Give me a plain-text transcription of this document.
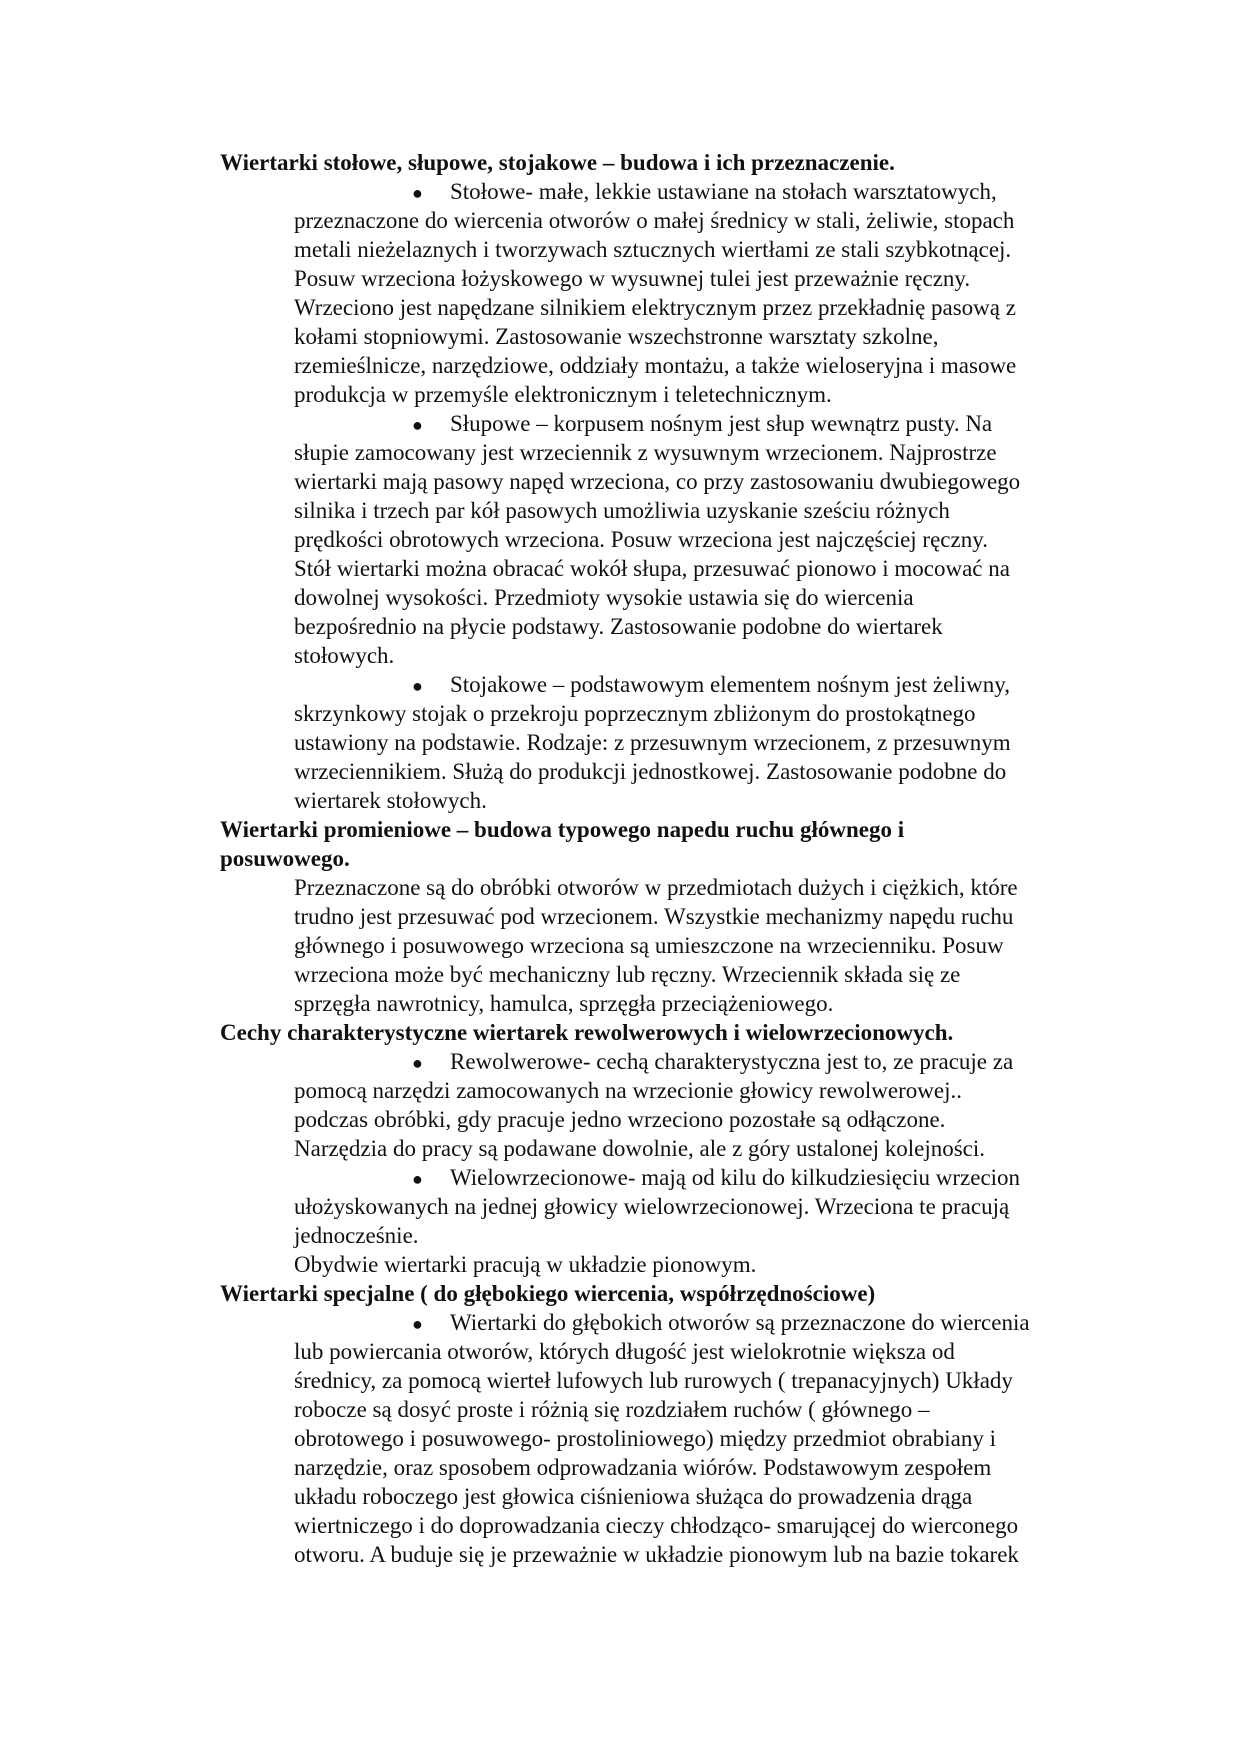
Wiertarki stołowe, słupowe, stojakowe – budowa i ich przeznaczenie.
● Stołowe- małe, lekkie ustawiane na stołach warsztatowych,
przeznaczone do wiercenia otworów o małej średnicy w stali, żeliwie, stopach
metali nieżelaznych i tworzywach sztucznych wiertłami ze stali szybkotnącej.
Posuw wrzeciona łożyskowego w wysuwnej tulei jest przeważnie ręczny.
Wrzeciono jest napędzane silnikiem elektrycznym przez przekładnię pasową z
kołami stopniowymi. Zastosowanie wszechstronne warsztaty szkolne,
rzemieślnicze, narzędziowe, oddziały montażu, a także wieloseryjna i masowe
produkcja w przemyśle elektronicznym i teletechnicznym.
● Słupowe – korpusem nośnym jest słup wewnątrz pusty. Na
słupie zamocowany jest wrzeciennik z wysuwnym wrzecionem. Najprostrze
wiertarki mają pasowy napęd wrzeciona, co przy zastosowaniu dwubiegowego
silnika i trzech par kół pasowych umożliwia uzyskanie sześciu różnych
prędkości obrotowych wrzeciona. Posuw wrzeciona jest najczęściej ręczny.
Stół wiertarki można obracać wokół słupa, przesuwać pionowo i mocować na
dowolnej wysokości. Przedmioty wysokie ustawia się do wiercenia
bezpośrednio na płycie podstawy. Zastosowanie podobne do wiertarek
stołowych.
● Stojakowe – podstawowym elementem nośnym jest żeliwny,
skrzynkowy stojak o przekroju poprzecznym zbliżonym do prostokątnego
ustawiony na podstawie. Rodzaje: z przesuwnym wrzecionem, z przesuwnym
wrzeciennikiem. Służą do produkcji jednostkowej. Zastosowanie podobne do
wiertarek stołowych.
Wiertarki promieniowe – budowa typowego napedu ruchu głównego i
posuwowego.
Przeznaczone są do obróbki otworów w przedmiotach dużych i ciężkich, które
trudno jest przesuwać pod wrzecionem. Wszystkie mechanizmy napędu ruchu
głównego i posuwowego wrzeciona są umieszczone na wrzecienniku. Posuw
wrzeciona może być mechaniczny lub ręczny. Wrzeciennik składa się ze
sprzęgła nawrotnicy, hamulca, sprzęgła przeciążeniowego.
Cechy charakterystyczne wiertarek rewolwerowych i wielowrzecionowych.
● Rewolwerowe- cechą charakterystyczna jest to, ze pracuje za
pomocą narzędzi zamocowanych na wrzecionie głowicy rewolwerowej..
podczas obróbki, gdy pracuje jedno wrzeciono pozostałe są odłączone.
Narzędzia do pracy są podawane dowolnie, ale z góry ustalonej kolejności.
● Wielowrzecionowe- mają od kilu do kilkudziesięciu wrzecion
ułożyskowanych na jednej głowicy wielowrzecionowej. Wrzeciona te pracują
jednocześnie.
Obydwie wiertarki pracują w układzie pionowym.
Wiertarki specjalne ( do głębokiego wiercenia, współrzędnościowe)
● Wiertarki do głębokich otworów są przeznaczone do wiercenia
lub powiercania otworów, których długość jest wielokrotnie większa od
średnicy, za pomocą wierteł lufowych lub rurowych ( trepanacyjnych) Układy
robocze są dosyć proste i różnią się rozdziałem ruchów ( głównego –
obrotowego i posuwowego- prostoliniowego) między przedmiot obrabiany i
narzędzie, oraz sposobem odprowadzania wiórów. Podstawowym zespołem
układu roboczego jest głowica ciśnieniowa służąca do prowadzenia drąga
wiertniczego i do doprowadzania cieczy chłodząco- smarującej do wierconego
otworu. A buduje się je przeważnie w układzie pionowym lub na bazie tokarek
